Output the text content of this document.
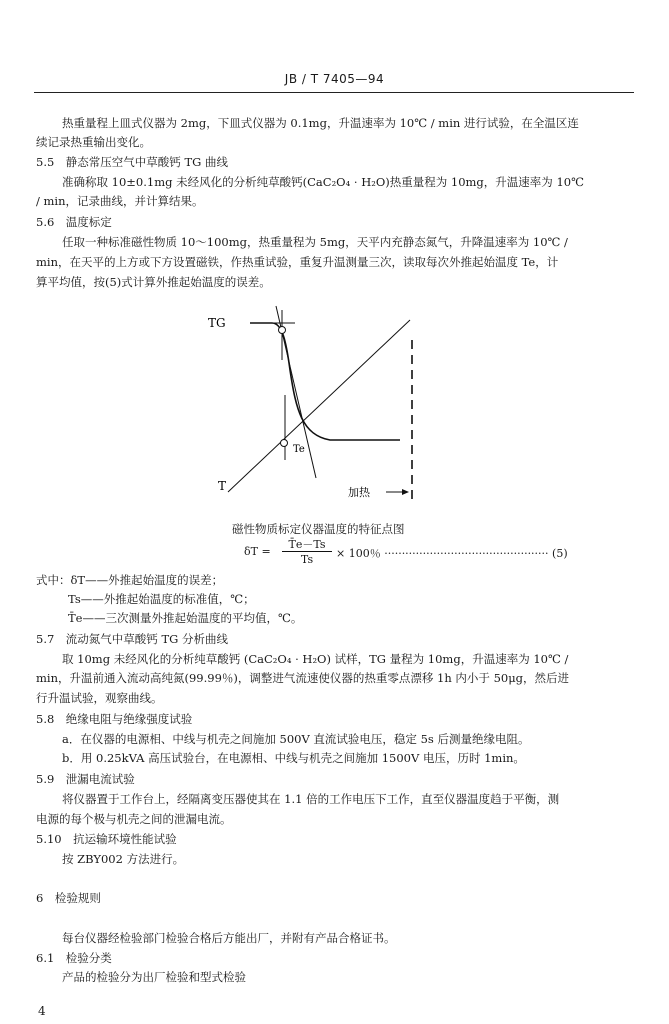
JB / T 7405—94
热重量程上皿式仪器为 2mg，下皿式仪器为 0.1mg，升温速率为 10℃ / min 进行试验，在全温区连
续记录热重输出变化。
5.5　静态常压空气中草酸钙 TG 曲线
准确称取 10±0.1mg 未经风化的分析纯草酸钙(CaC₂O₄ · H₂O)热重量程为 10mg，升温速率为 10℃
/ min，记录曲线，并计算结果。
5.6　温度标定
任取一种标准磁性物质 10～100mg，热重量程为 5mg，天平内充静态氮气，升降温速率为 10℃ /
min，在天平的上方或下方设置磁铁，作热重试验，重复升温测量三次，读取每次外推起始温度 Te，计
算平均值，按(5)式计算外推起始温度的误差。
TG
T
Te
加热
磁性物质标定仪器温度的特征点图
δT =
T̄e－Ts
Ts	× 100％ ··············································· (5)
式中：δT——外推起始温度的误差；
Ts——外推起始温度的标准值，℃；
T̄e——三次测量外推起始温度的平均值，℃。
5.7　流动氮气中草酸钙 TG 分析曲线
取 10mg 未经风化的分析纯草酸钙 (CaC₂O₄ · H₂O) 试样，TG 量程为 10mg，升温速率为 10℃ /
min，升温前通入流动高纯氮(99.99％)，调整进气流速使仪器的热重零点漂移 1h 内小于 50μg，然后进
行升温试验，观察曲线。
5.8　绝缘电阻与绝缘强度试验
a．在仪器的电源相、中线与机壳之间施加 500V 直流试验电压，稳定 5s 后测量绝缘电阻。
b．用 0.25kVA 高压试验台，在电源相、中线与机壳之间施加 1500V 电压，历时 1min。
5.9　泄漏电流试验
将仪器置于工作台上，经隔离变压器使其在 1.1 倍的工作电压下工作，直至仪器温度趋于平衡，测
电源的每个极与机壳之间的泄漏电流。
5.10　抗运输环境性能试验
按 ZBY002 方法进行。
6　检验规则
每台仪器经检验部门检验合格后方能出厂，并附有产品合格证书。
6.1　检验分类
产品的检验分为出厂检验和型式检验
4
